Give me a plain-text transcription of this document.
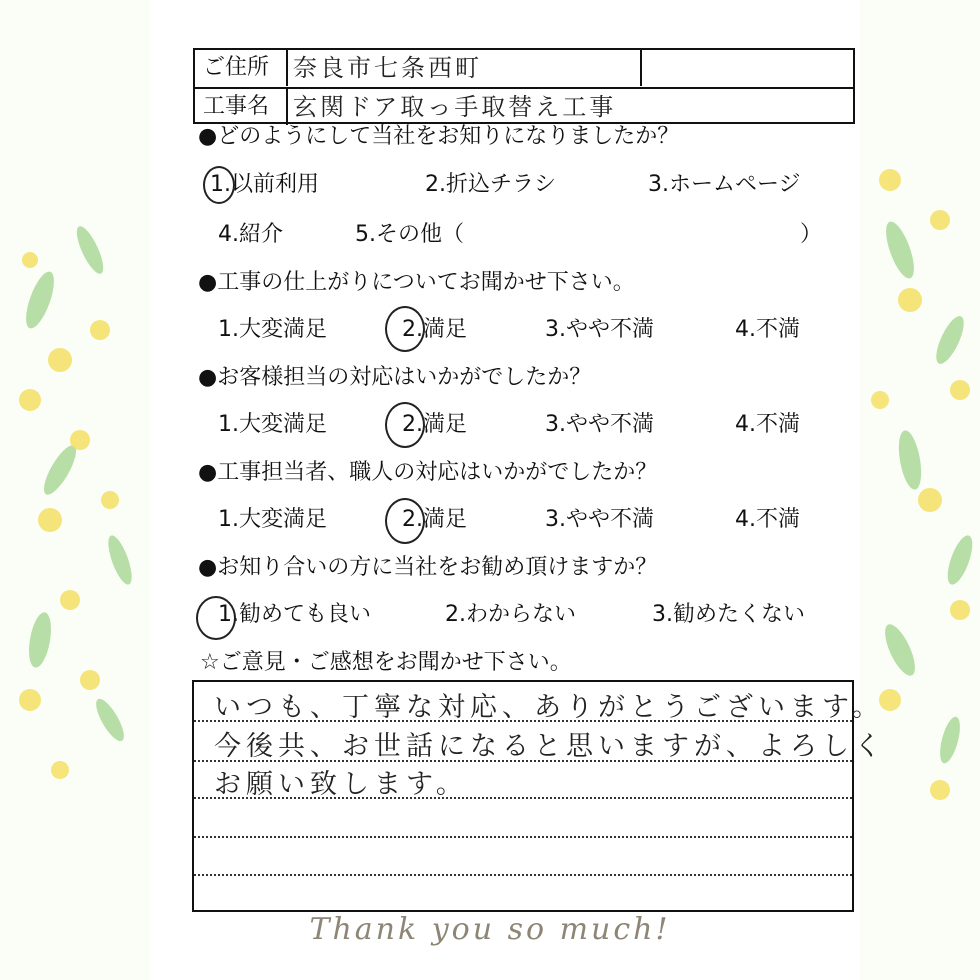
ご住所 奈良市七条西町
工事名 玄関ドア取っ手取替え工事
●どのようにして当社をお知りになりましたか？
1.以前利用	2.折込チラシ	3.ホームページ
4.紹介	5.その他（	）
●工事の仕上がりについてお聞かせ下さい。
1.大変満足	2.満足	3.やや不満	4.不満
●お客様担当の対応はいかがでしたか？
1.大変満足	2.満足	3.やや不満	4.不満
●工事担当者、職人の対応はいかがでしたか？
1.大変満足	2.満足	3.やや不満	4.不満
●お知り合いの方に当社をお勧め頂けますか？
1.勧めても良い	2.わからない	3.勧めたくない
☆ご意見・ご感想をお聞かせ下さい。
いつも、丁寧な対応、ありがとうございます。
今後共、お世話になると思いますが、よろしく
お願い致します。
Thank you so much!
